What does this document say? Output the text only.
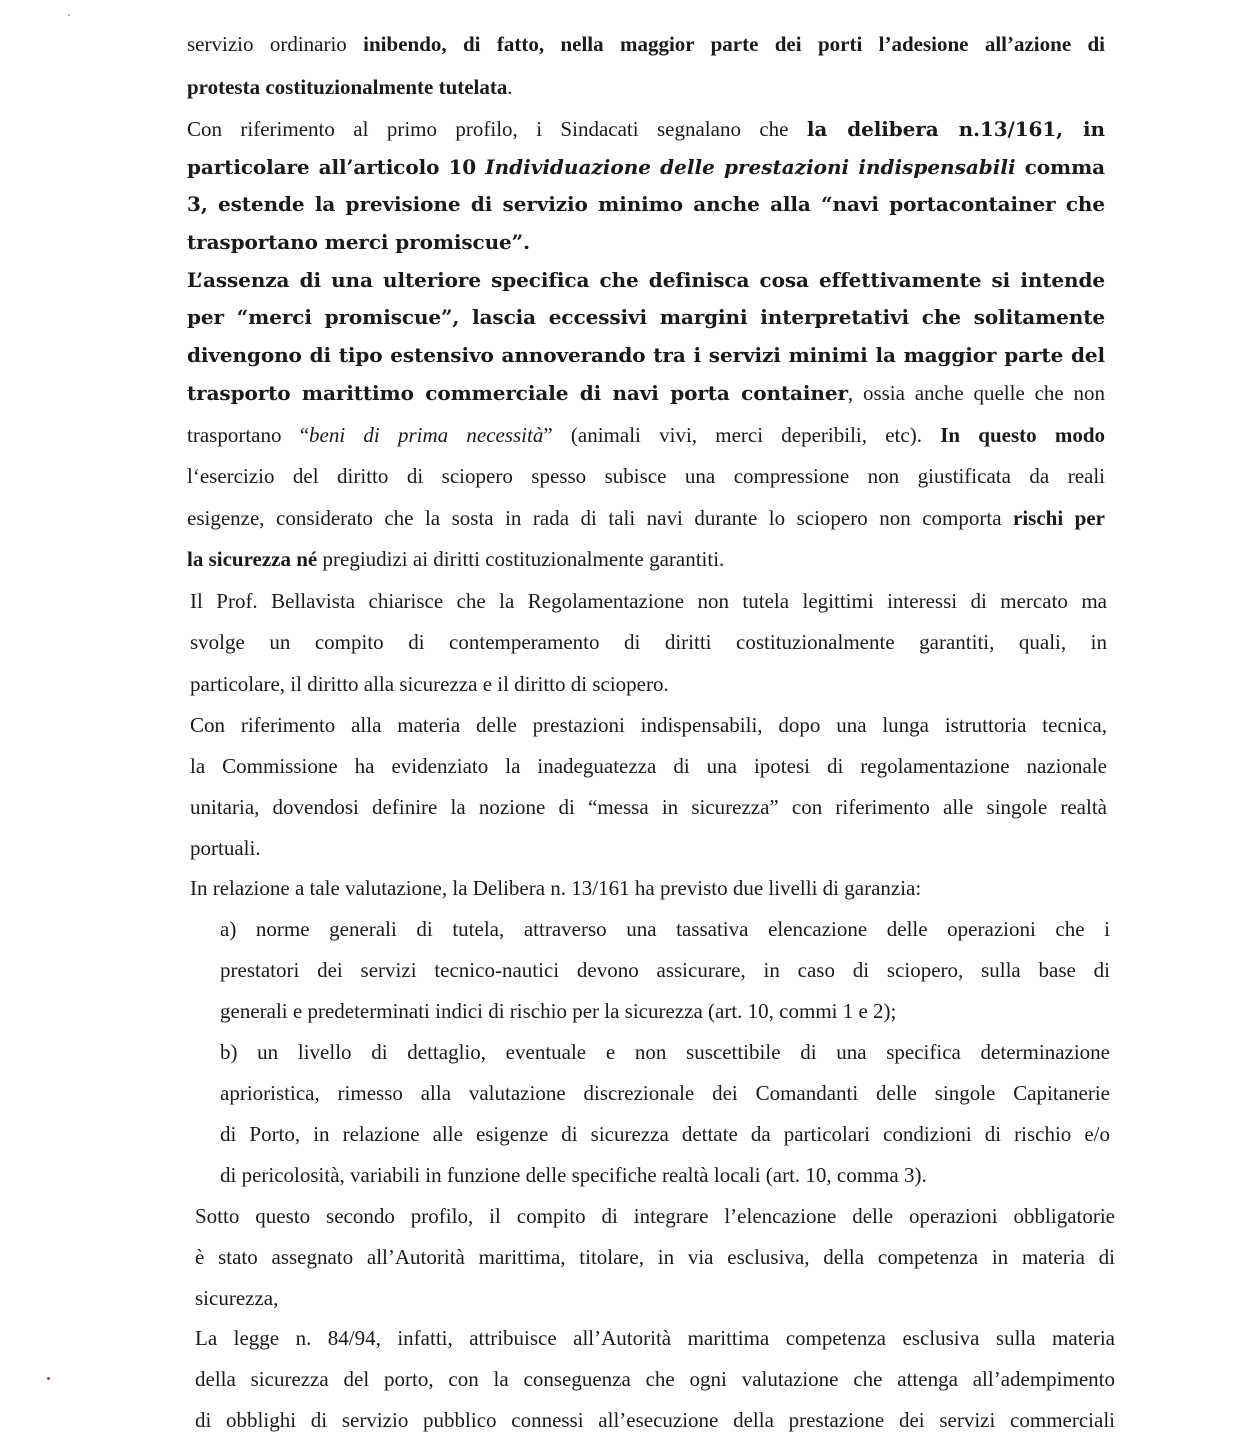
servizio ordinario inibendo, di fatto, nella maggior parte dei porti l’adesione all’azione di
protesta costituzionalmente tutelata.
Con riferimento al primo profilo, i Sindacati segnalano che la delibera n.13/161, in
particolare all’articolo 10 Individuazione delle prestazioni indispensabili comma
3, estende la previsione di servizio minimo anche alla “navi portacontainer che
trasportano merci promiscue”.
L’assenza di una ulteriore specifica che definisca cosa effettivamente si intende
per “merci promiscue”, lascia eccessivi margini interpretativi che solitamente
divengono di tipo estensivo annoverando tra i servizi minimi la maggior parte del
trasporto marittimo commerciale di navi porta container, ossia anche quelle che non
trasportano “beni di prima necessità” (animali vivi, merci deperibili, etc). In questo modo
l‘esercizio del diritto di sciopero spesso subisce una compressione non giustificata da reali
esigenze, considerato che la sosta in rada di tali navi durante lo sciopero non comporta rischi per
la sicurezza né pregiudizi ai diritti costituzionalmente garantiti.
Il Prof. Bellavista chiarisce che la Regolamentazione non tutela legittimi interessi di mercato ma
svolge un compito di contemperamento di diritti costituzionalmente garantiti, quali, in
particolare, il diritto alla sicurezza e il diritto di sciopero.
Con riferimento alla materia delle prestazioni indispensabili, dopo una lunga istruttoria tecnica,
la Commissione ha evidenziato la inadeguatezza di una ipotesi di regolamentazione nazionale
unitaria, dovendosi definire la nozione di “messa in sicurezza” con riferimento alle singole realtà
portuali.
In relazione a tale valutazione, la Delibera n. 13/161 ha previsto due livelli di garanzia:
a) norme generali di tutela, attraverso una tassativa elencazione delle operazioni che i
prestatori dei servizi tecnico-nautici devono assicurare, in caso di sciopero, sulla base di
generali e predeterminati indici di rischio per la sicurezza (art. 10, commi 1 e 2);
b) un livello di dettaglio, eventuale e non suscettibile di una specifica determinazione
aprioristica, rimesso alla valutazione discrezionale dei Comandanti delle singole Capitanerie
di Porto, in relazione alle esigenze di sicurezza dettate da particolari condizioni di rischio e/o
di pericolosità, variabili in funzione delle specifiche realtà locali (art. 10, comma 3).
Sotto questo secondo profilo, il compito di integrare l’elencazione delle operazioni obbligatorie
è stato assegnato all’Autorità marittima, titolare, in via esclusiva, della competenza in materia di
sicurezza,
La legge n. 84/94, infatti, attribuisce all’Autorità marittima competenza esclusiva sulla materia
della sicurezza del porto, con la conseguenza che ogni valutazione che attenga all’adempimento
di obblighi di servizio pubblico connessi all’esecuzione della prestazione dei servizi commerciali
